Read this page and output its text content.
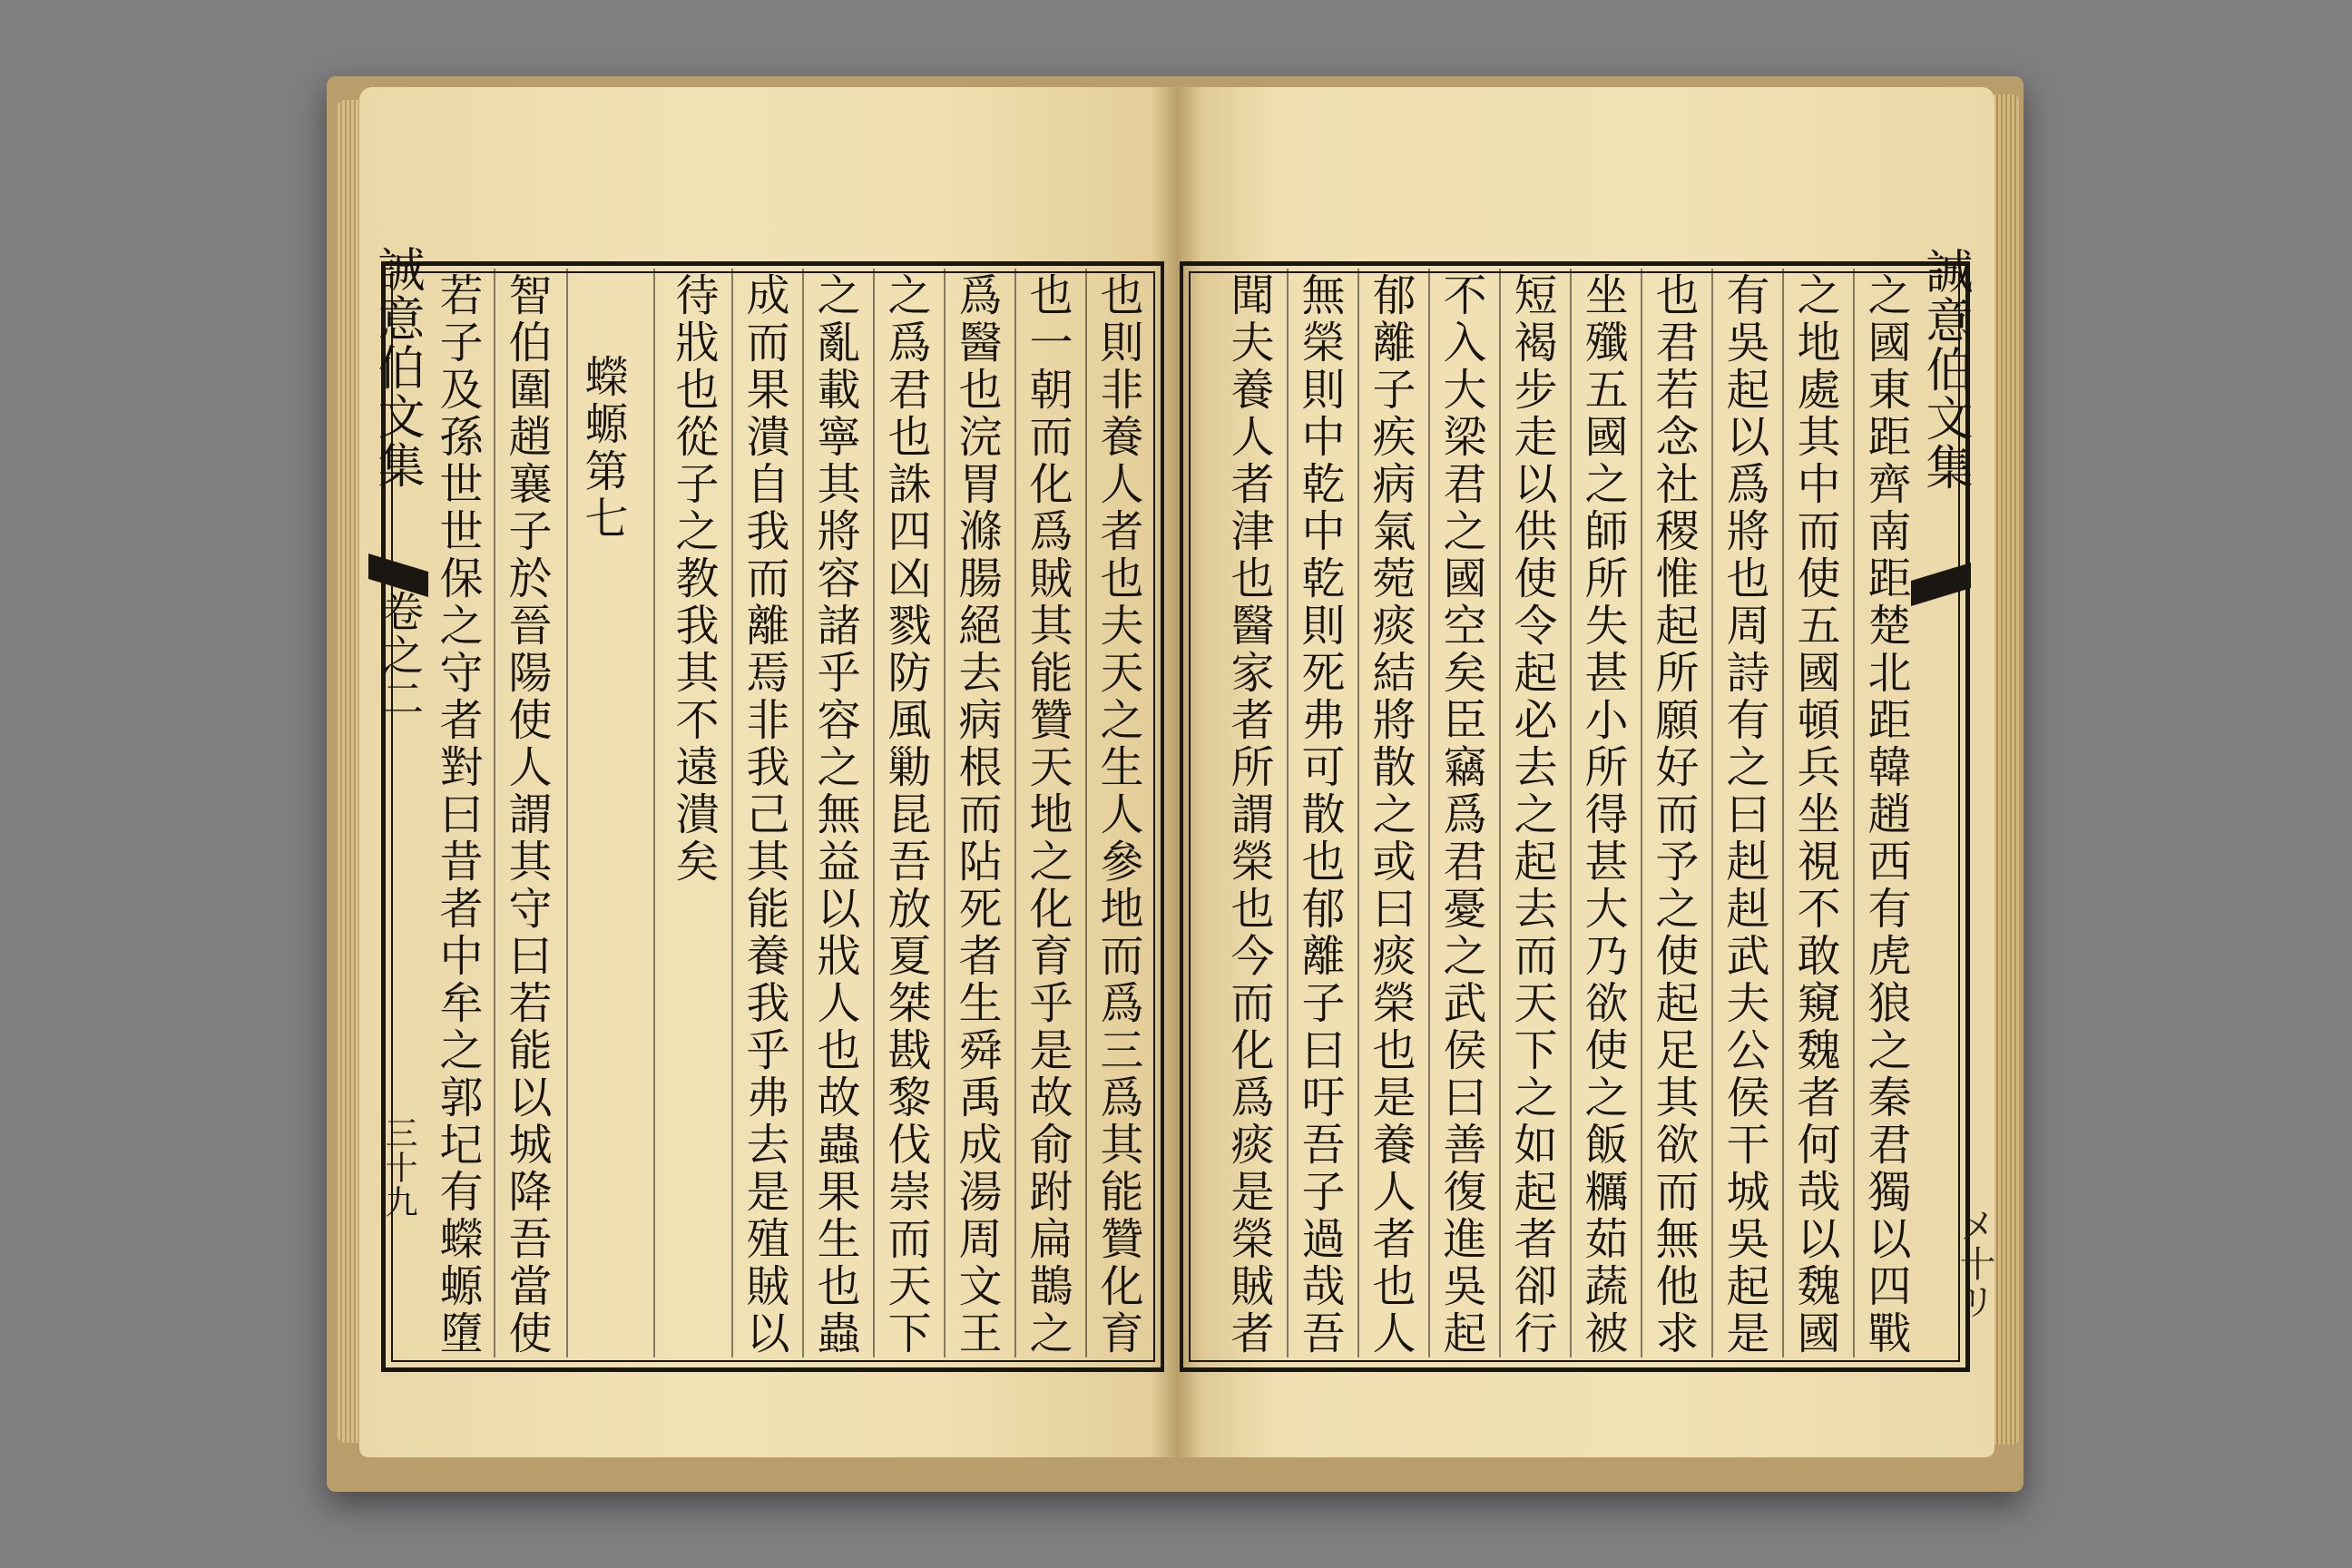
誠意伯文集
卷之二
三十九
誠意伯文集
メ十リ
也則非養人者也夫天之生人參地而爲三爲其能贊化育
也一朝而化爲賊其能贊天地之化育乎是故俞跗扁鵲之
爲醫也浣胃滌腸絕去病根而阽死者生舜禹成湯周文王
之爲君也誅四凶戮防風勦昆吾放夏桀戡黎伐崇而天下
之亂載寧其將容諸乎容之無益以戕人也故蟲果生也蟲
成而果潰自我而離焉非我己其能養我乎弗去是殖賊以
待戕也從子之教我其不遠潰矣
蠑螈第七
智伯圍趙襄子於晉陽使人謂其守曰若能以城降吾當使
若子及孫世世保之守者對曰昔者中牟之郭圮有蠑螈墮	之國東距齊南距楚北距韓趙西有虎狼之秦君獨以四戰
之地處其中而使五國頓兵坐視不敢窺魏者何哉以魏國
有吳起以爲將也周詩有之曰赳赳武夫公侯干城吳起是
也君若念社稷惟起所願好而予之使起足其欲而無他求
坐殲五國之師所失甚小所得甚大乃欲使之飯糲茹蔬被
短褐步走以供使令起必去之起去而天下之如起者卻行
不入大梁君之國空矣臣竊爲君憂之武侯曰善復進吳起
郁離子疾病氣菀痰結將散之或曰痰榮也是養人者也人
無榮則中乾中乾則死弗可散也郁離子曰吁吾子過哉吾
聞夫養人者津也醫家者所謂榮也今而化爲痰是榮賊者
